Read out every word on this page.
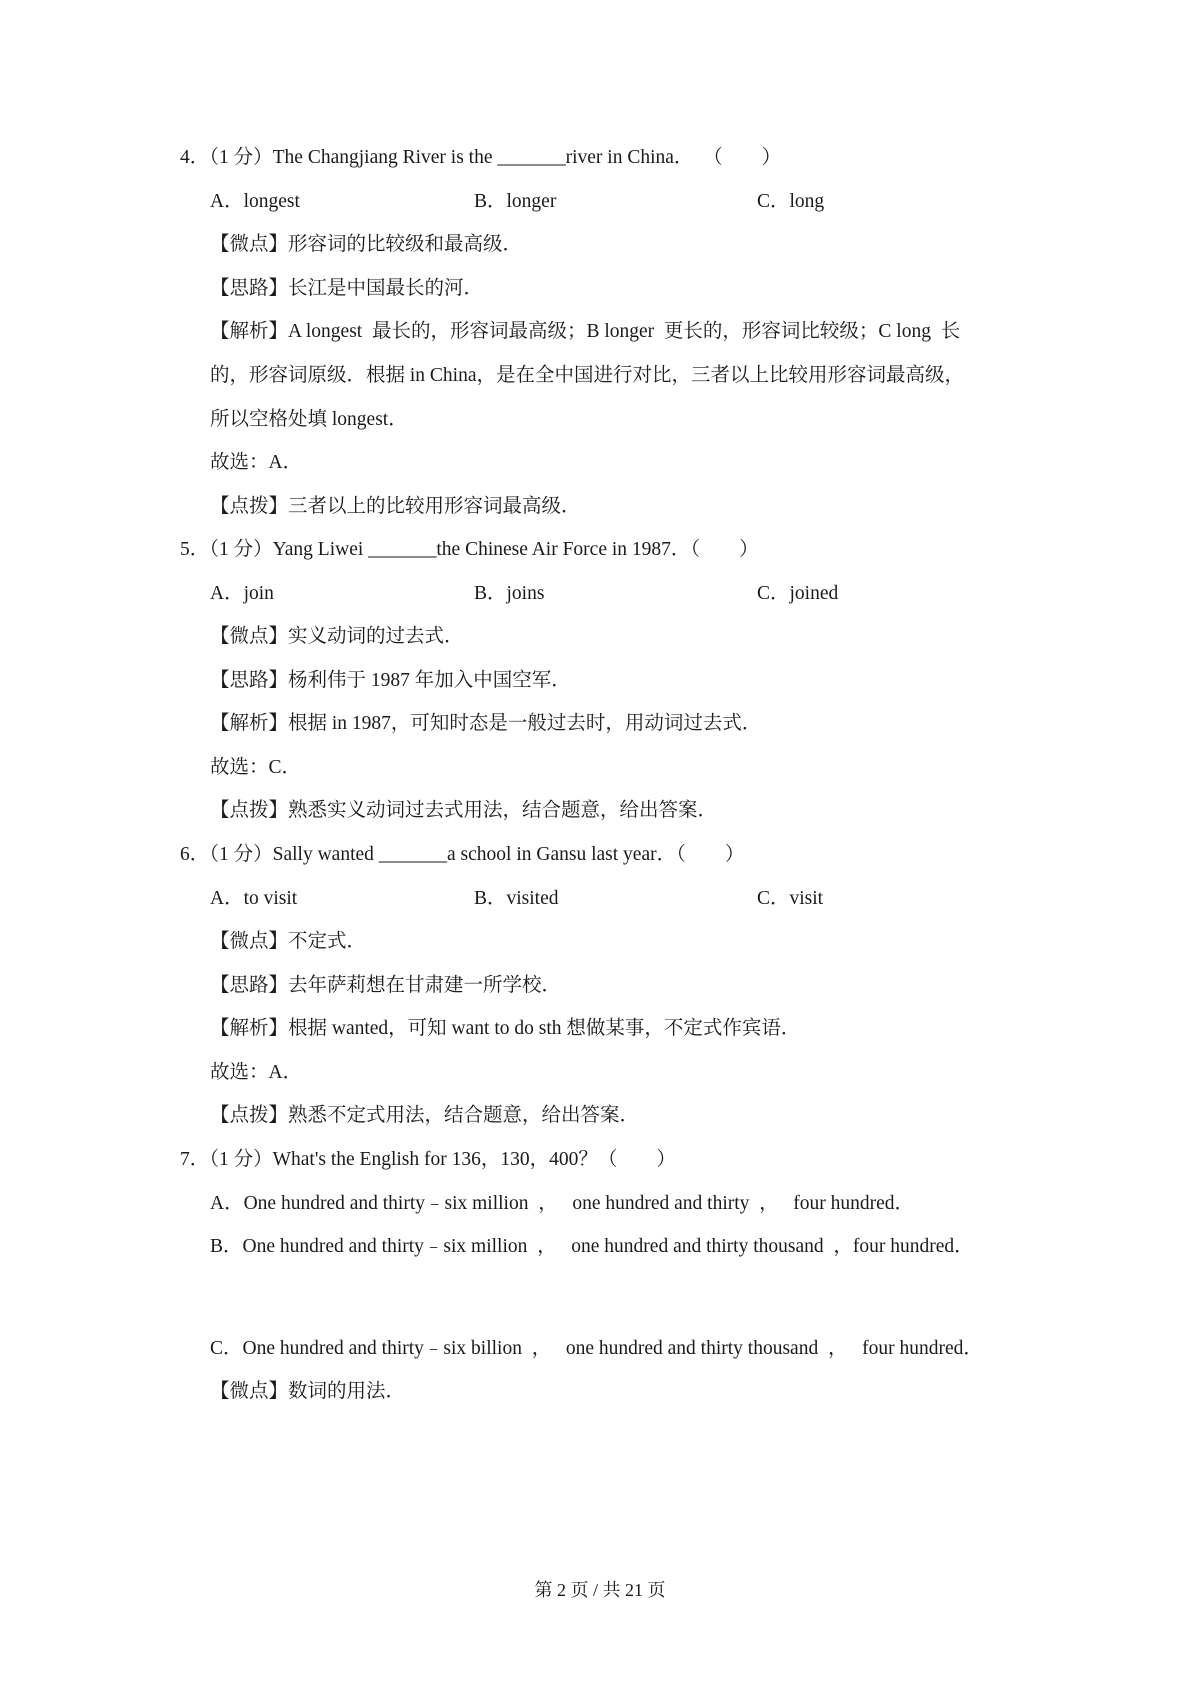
4．（1 分）The Changjiang River is the _______river in China．  （　　）
A．longest	B．longer	C．long
【微点】形容词的比较级和最高级．
【思路】长江是中国最长的河．
【解析】A longest  最长的，形容词最高级；B longer  更长的，形容词比较级；C long  长
的，形容词原级．根据 in China，是在全中国进行对比，三者以上比较用形容词最高级，
所以空格处填 longest．
故选：A．
【点拨】三者以上的比较用形容词最高级．
5．（1 分）Yang Liwei _______the Chinese Air Force in 1987．（　　）
A．join	B．joins	C．joined
【微点】实义动词的过去式．
【思路】杨利伟于 1987 年加入中国空军．
【解析】根据 in 1987，可知时态是一般过去时，用动词过去式．
故选：C．
【点拨】熟悉实义动词过去式用法，结合题意，给出答案．
6．（1 分）Sally wanted _______a school in Gansu last year．（　　）
A．to visit	B．visited	C．visit
【微点】不定式．
【思路】去年萨莉想在甘肃建一所学校．
【解析】根据 wanted，可知 want to do sth 想做某事，不定式作宾语．
故选：A．
【点拨】熟悉不定式用法，结合题意，给出答案．
7．（1 分）What's the English for 136，130，400？（　　）
A．One hundred and thirty﹣six million  ，   one hundred and thirty  ，   four hundred．
B．One hundred and thirty﹣six million  ，   one hundred and thirty thousand  ，four hundred．
C．One hundred and thirty﹣six billion  ，   one hundred and thirty thousand  ，   four hundred．
【微点】数词的用法．
第 2 页 / 共 21 页
